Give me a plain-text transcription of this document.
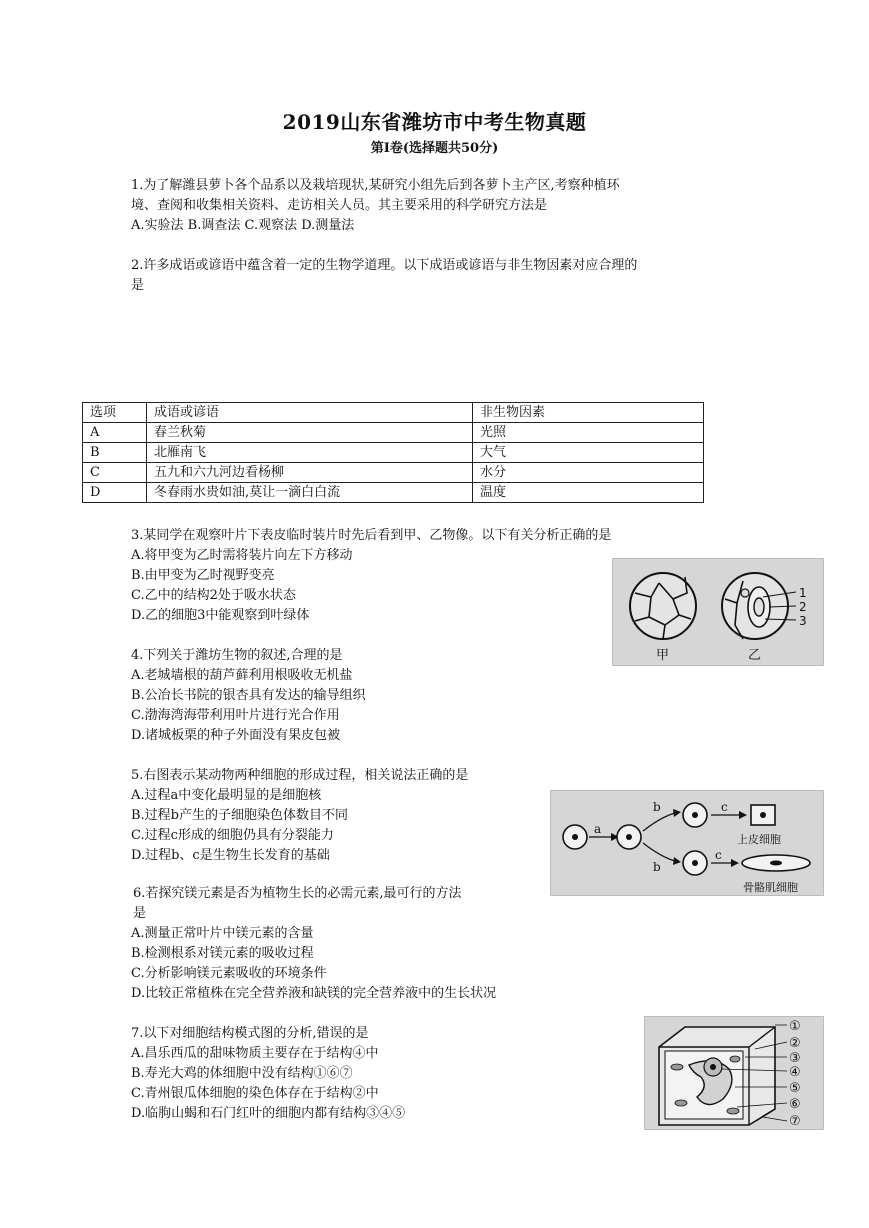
2019山东省潍坊市中考生物真题
第Ⅰ卷(选择题共50分)
1.为了解潍县萝卜各个品系以及栽培现状,某研究小组先后到各萝卜主产区,考察种植环
境、查阅和收集相关资料、走访相关人员。其主要采用的科学研究方法是
A.实验法 B.调查法 C.观察法 D.测量法
2.许多成语或谚语中蕴含着一定的生物学道理。以下成语或谚语与非生物因素对应合理的
是
选项	成语或谚语	非生物因素
A	春兰秋菊	光照
B	北雁南飞	大气
C	五九和六九河边看杨柳	水分
D	冬春雨水贵如油,莫让一滴白白流	温度
3.某同学在观察叶片下表皮临时装片时先后看到甲、乙物像。以下有关分析正确的是
A.将甲变为乙时需将装片向左下方移动
B.由甲变为乙时视野变亮
C.乙中的结构2处于吸水状态
D.乙的细胞3中能观察到叶绿体
1
2
3
甲	乙
4.下列关于潍坊生物的叙述,合理的是
A.老城墙根的葫芦藓利用根吸收无机盐
B.公冶长书院的银杏具有发达的输导组织
C.渤海湾海带利用叶片进行光合作用
D.诸城板栗的种子外面没有果皮包被
5.右图表示某动物两种细胞的形成过程，相关说法正确的是
A.过程a中变化最明显的是细胞核
B.过程b产生的子细胞染色体数目不同
C.过程c形成的细胞仍具有分裂能力
D.过程b、c是生物生长发育的基础
a
b
b
c
c
上皮细胞
骨骼肌细胞
6.若探究镁元素是否为植物生长的必需元素,最可行的方法
是
A.测量正常叶片中镁元素的含量
B.检测根系对镁元素的吸收过程
C.分析影响镁元素吸收的环境条件
D.比较正常植株在完全营养液和缺镁的完全营养液中的生长状况
7.以下对细胞结构模式图的分析,错误的是
A.昌乐西瓜的甜味物质主要存在于结构④中
B.寿光大鸡的体细胞中没有结构①⑥⑦
C.青州银瓜体细胞的染色体存在于结构②中
D.临朐山蝎和石门红叶的细胞内都有结构③④⑤
①
②
③
④
⑤
⑥
⑦
